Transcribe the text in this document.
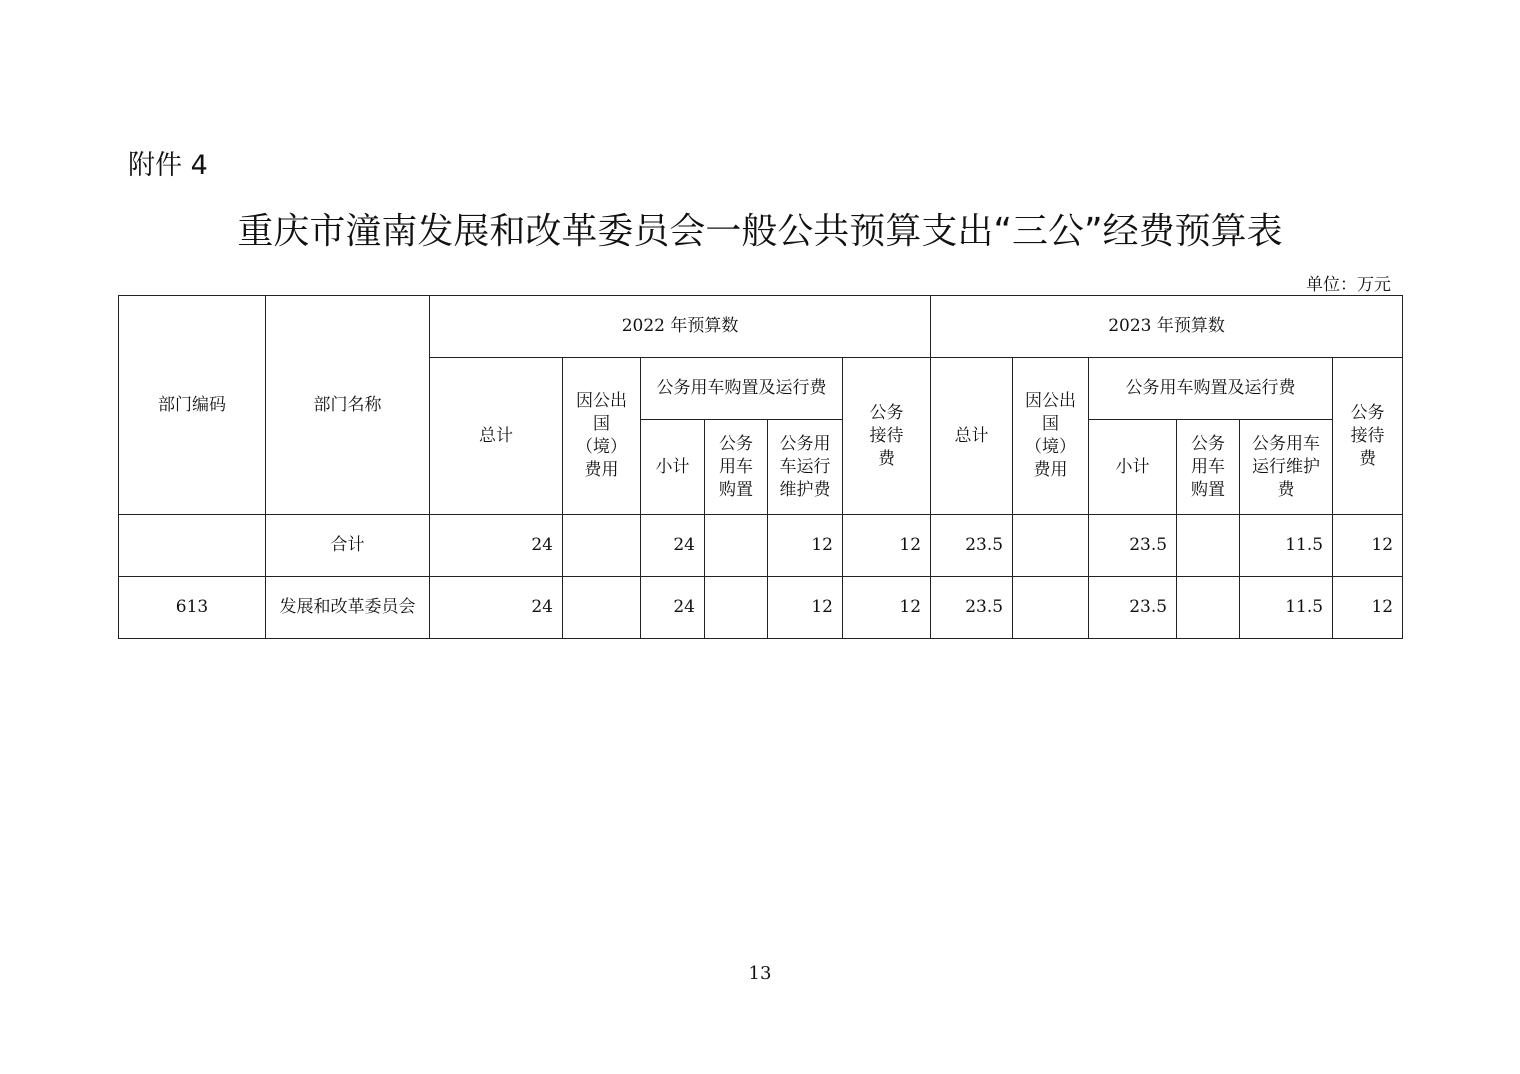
附件 4
重庆市潼南发展和改革委员会一般公共预算支出“三公”经费预算表
单位：万元
部门编码	部门名称	2022 年预算数						2023 年预算数					
		总计	因公出国（境）费用	公务用车购置及运行费			公务接待费	总计	因公出国（境）费用	公务用车购置及运行费			公务接待费
				小计	公务用车购置	公务用车运行维护费				小计	公务用车购置	公务用车运行维护费	
	合计	24		24		12	12	23.5		23.5		11.5	12
613	发展和改革委员会	24		24		12	12	23.5		23.5		11.5	12
13
